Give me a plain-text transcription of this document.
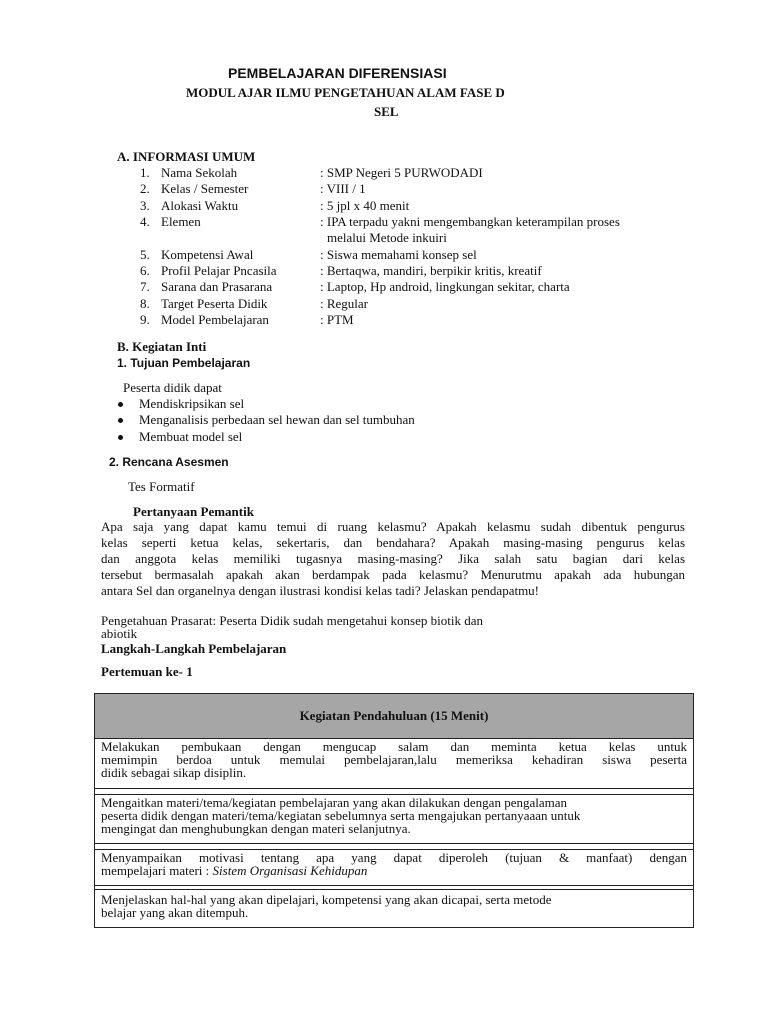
PEMBELAJARAN DIFERENSIASI
MODUL AJAR ILMU PENGETAHUAN ALAM FASE D
SEL
A. INFORMASI UMUM
1. Nama Sekolah	: SMP Negeri 5 PURWODADI
2. Kelas / Semester	: VIII / 1
3. Alokasi Waktu	: 5 jpl x 40 menit
4. Elemen	: IPA terpadu yakni mengembangkan keterampilan proses
melalui Metode inkuiri
5. Kompetensi Awal	: Siswa memahami konsep sel
6. Profil Pelajar Pncasila	: Bertaqwa, mandiri, berpikir kritis, kreatif
7. Sarana dan Prasarana	: Laptop, Hp android, lingkungan sekitar, charta
8. Target Peserta Didik	: Regular
9. Model Pembelajaran	: PTM
B. Kegiatan Inti
1. Tujuan Pembelajaran
Peserta didik dapat
Mendiskripsikan sel
Menganalisis perbedaan sel hewan dan sel tumbuhan
Membuat model sel
2. Rencana Asesmen
Tes Formatif
Pertanyaan Pemantik
Apa saja yang dapat kamu temui di ruang kelasmu? Apakah kelasmu sudah dibentuk pengurus
kelas seperti ketua kelas, sekertaris, dan bendahara? Apakah masing-masing pengurus kelas
dan anggota kelas memiliki tugasnya masing-masing? Jika salah satu bagian dari kelas
tersebut bermasalah apakah akan berdampak pada kelasmu? Menurutmu apakah ada hubungan
antara Sel dan organelnya dengan ilustrasi kondisi kelas tadi? Jelaskan pendapatmu!
Pengetahuan Prasarat: Peserta Didik sudah mengetahui konsep biotik dan
abiotik
Langkah-Langkah Pembelajaran
Pertemuan ke- 1
Kegiatan Pendahuluan (15 Menit)
Melakukan pembukaan dengan mengucap salam dan meminta ketua kelas untuk
memimpin berdoa untuk memulai pembelajaran,lalu memeriksa kehadiran siswa peserta
didik sebagai sikap disiplin.
Mengaitkan materi/tema/kegiatan pembelajaran yang akan dilakukan dengan pengalaman
peserta didik dengan materi/tema/kegiatan sebelumnya serta mengajukan pertanyaaan untuk
mengingat dan menghubungkan dengan materi selanjutnya.
Menyampaikan motivasi tentang apa yang dapat diperoleh (tujuan & manfaat) dengan
mempelajari materi : Sistem Organisasi Kehidupan
Menjelaskan hal-hal yang akan dipelajari, kompetensi yang akan dicapai, serta metode
belajar yang akan ditempuh.
